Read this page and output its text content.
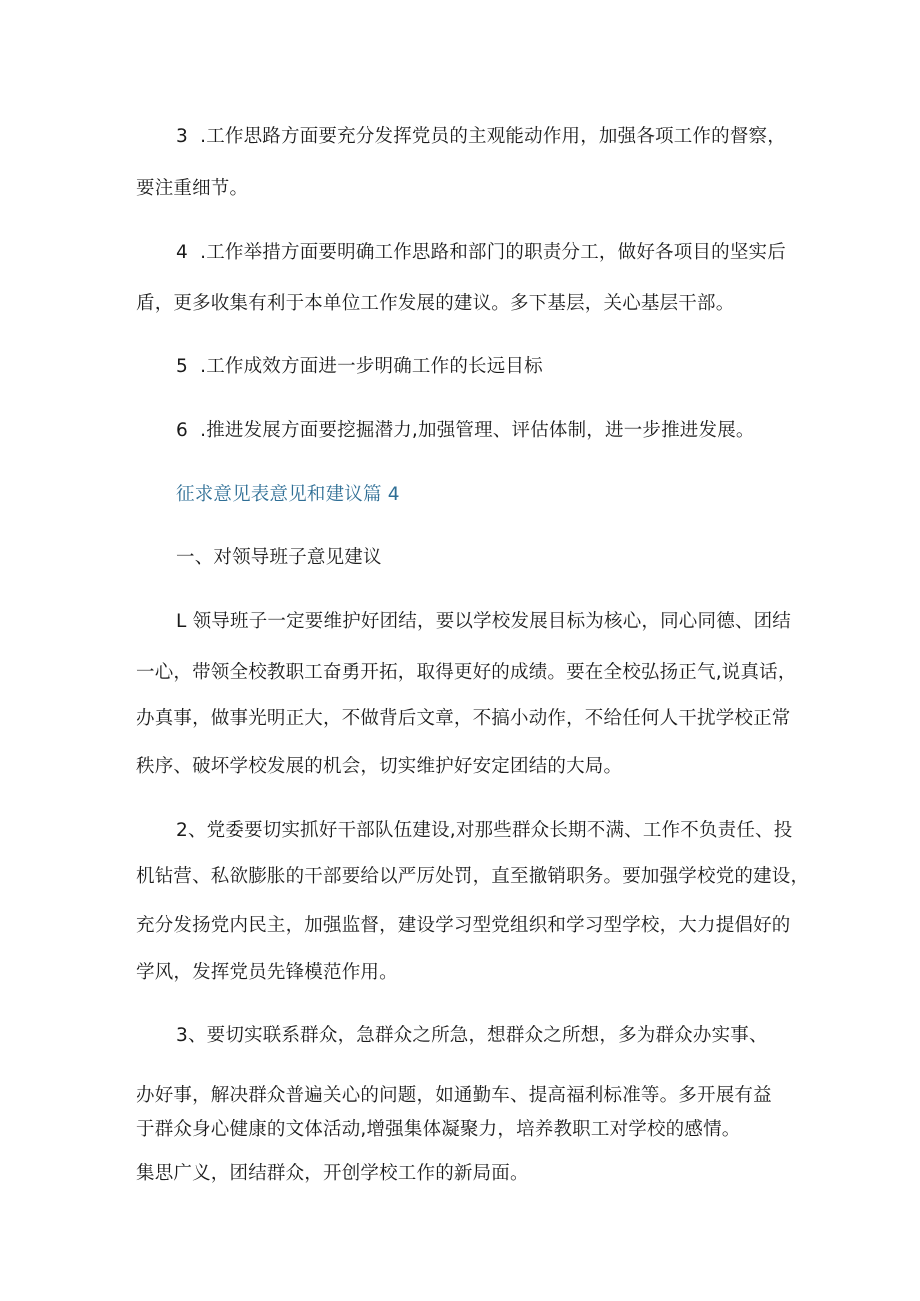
3  .工作思路方面要充分发挥党员的主观能动作用，加强各项工作的督察，
要注重细节。
4  .工作举措方面要明确工作思路和部门的职责分工，做好各项目的坚实后
盾，更多收集有利于本单位工作发展的建议。多下基层，关心基层干部。
5  .工作成效方面进一步明确工作的长远目标
6  .推进发展方面要挖掘潜力,加强管理、评估体制，进一步推进发展。
征求意见表意见和建议篇 4
一、对领导班子意见建议
L 领导班子一定要维护好团结，要以学校发展目标为核心，同心同德、团结
一心，带领全校教职工奋勇开拓，取得更好的成绩。要在全校弘扬正气,说真话，
办真事，做事光明正大，不做背后文章，不搞小动作，不给任何人干扰学校正常
秩序、破坏学校发展的机会，切实维护好安定团结的大局。
2、党委要切实抓好干部队伍建设,对那些群众长期不满、工作不负责任、投
机钻营、私欲膨胀的干部要给以严厉处罚，直至撤销职务。要加强学校党的建设，
充分发扬党内民主，加强监督，建设学习型党组织和学习型学校，大力提倡好的
学风，发挥党员先锋模范作用。
3、要切实联系群众，急群众之所急，想群众之所想，多为群众办实事、
办好事，解决群众普遍关心的问题，如通勤车、提高福利标准等。多开展有益
于群众身心健康的文体活动,增强集体凝聚力，培养教职工对学校的感情。
集思广义，团结群众，开创学校工作的新局面。
